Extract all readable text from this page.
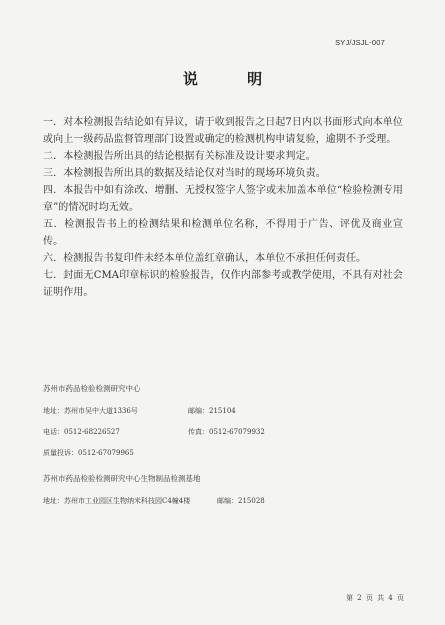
SYJ/JSJL-007
说 明

一．对本检测报告结论如有异议，请于收到报告之日起7日内以书面形式向本单位或向上一级药品监督管理部门设置或确定的检测机构申请复验，逾期不予受理。

二．本检测报告所出具的结论根据有关标准及设计要求判定。

三．本检测报告所出具的数据及结论仅对当时的现场环境负责。

四．本报告中如有涂改、增删、无授权签字人签字或未加盖本单位“检验检测专用章”的情况时均无效。

五．检测报告书上的检测结果和检测单位名称，不得用于广告、评优及商业宣传。

六．检测报告书复印件未经本单位盖红章确认，本单位不承担任何责任。

七．封面无CMA印章标识的检验报告，仅作内部参考或教学使用，不具有对社会证明作用。

苏州市药品检验检测研究中心
地址：苏州市吴中大道1336号	邮编：215104
电话：0512-68226527	传真：0512-67079932
质量投诉：0512-67079965
苏州市药品检验检测研究中心生物制品检测基地
地址：苏州市工业园区生物纳米科技园C4幢4楼	邮编：215028
第 2 页 共 4 页
